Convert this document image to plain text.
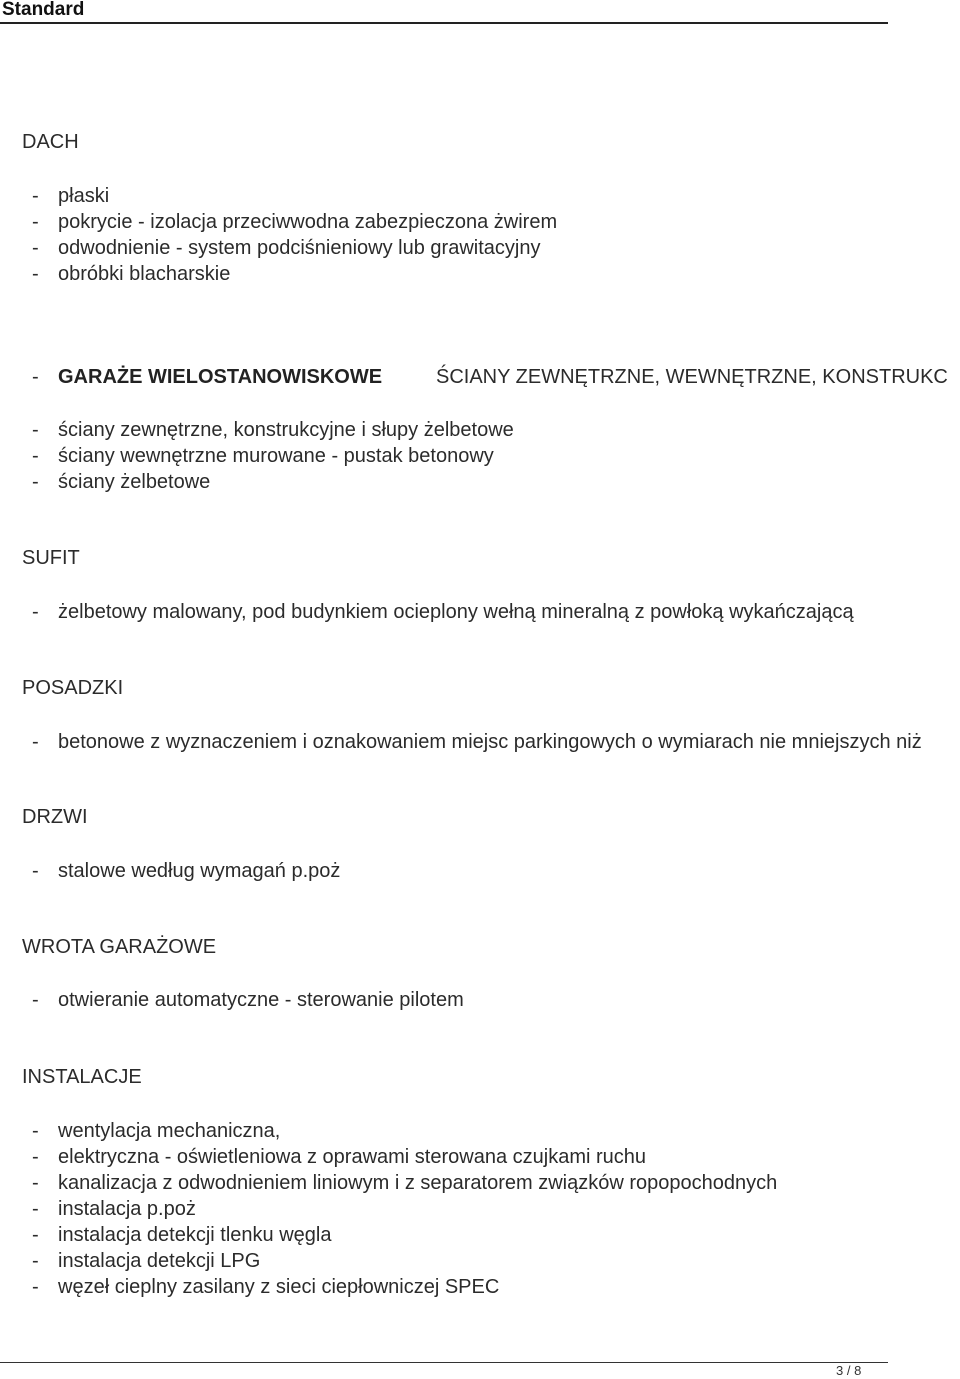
Standard
DACH
- płaski
- pokrycie - izolacja przeciwwodna zabezpieczona żwirem
- odwodnienie - system podciśnieniowy lub grawitacyjny
- obróbki blacharskie
- GARAŻE WIELOSTANOWISKOWE	ŚCIANY ZEWNĘTRZNE, WEWNĘTRZNE, KONSTRUKC
- ściany zewnętrzne, konstrukcyjne i słupy żelbetowe
- ściany wewnętrzne murowane - pustak betonowy
- ściany żelbetowe
SUFIT
- żelbetowy malowany, pod budynkiem ocieplony wełną mineralną z powłoką wykańczającą
POSADZKI
- betonowe z wyznaczeniem i oznakowaniem miejsc parkingowych o wymiarach nie mniejszych niż
DRZWI
- stalowe według wymagań p.poż
WROTA GARAŻOWE
- otwieranie automatyczne - sterowanie pilotem
INSTALACJE
- wentylacja mechaniczna,
- elektryczna - oświetleniowa z oprawami sterowana czujkami ruchu
- kanalizacja z odwodnieniem liniowym i z separatorem związków ropopochodnych
- instalacja p.poż
- instalacja detekcji tlenku węgla
- instalacja detekcji LPG
- węzeł cieplny zasilany z sieci ciepłowniczej SPEC
3 / 8
